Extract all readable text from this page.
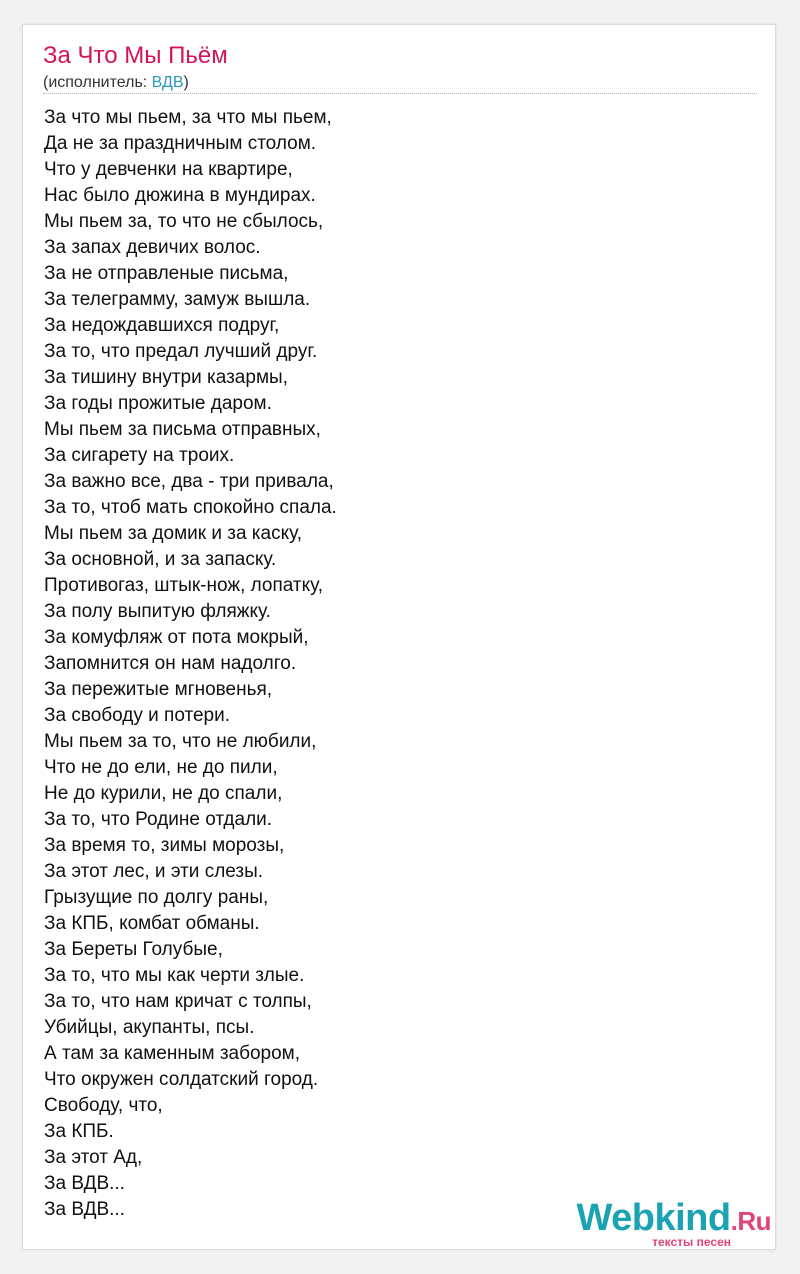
За Что Мы Пьём
(исполнитель: ВДВ)
За что мы пьем, за что мы пьем,
Да не за праздничным столом.
Что у девченки на квартире,
Нас было дюжина в мундирах.
Мы пьем за, то что не сбылось,
За запах девичих волос.
За не отправленые письма,
За телеграмму, замуж вышла.
За недождавшихся подруг,
За то, что предал лучший друг.
За тишину внутри казармы,
За годы прожитые даром.
Мы пьем за письма отправных,
За сигарету на троих.
За важно все, два - три привала,
За то, чтоб мать спокойно спала.
Мы пьем за домик и за каску,
За основной, и за запаску.
Противогаз, штык-нож, лопатку,
За полу выпитую фляжку.
За комуфляж от пота мокрый,
Запомнится он нам надолго.
За пережитые мгновенья,
За свободу и потери.
Мы пьем за то, что не любили,
Что не до ели, не до пили,
Не до курили, не до спали,
За то, что Родине отдали.
За время то, зимы морозы,
За этот лес, и эти слезы.
Грызущие по долгу раны,
За КПБ, комбат обманы.
За Береты Голубые,
За то, что мы как черти злые.
За то, что нам кричат с толпы,
Убийцы, акупанты, псы.
А там за каменным забором,
Что окружен солдатский город.
Свободу, что,
За КПБ.
За этот Ад,
За ВДВ...
За ВДВ...	Webkind.Ru
тексты песен
